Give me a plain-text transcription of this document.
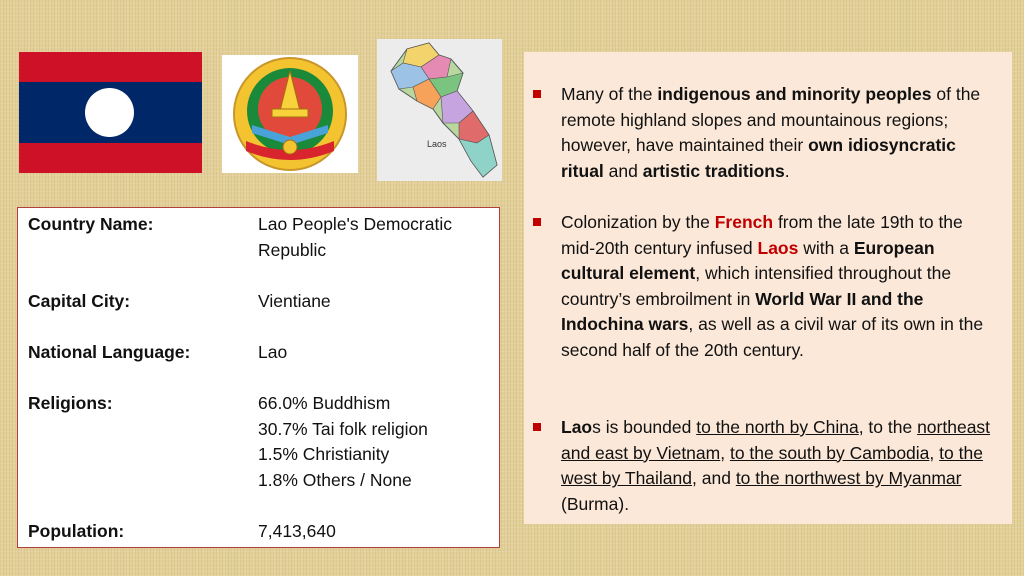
Laos
Country Name:	Lao People's Democratic
Republic
Capital City:	Vientiane
National Language:	Lao
Religions:	66.0% Buddhism
30.7% Tai folk religion
1.5% Christianity
1.8% Others / None
Population:	7,413,640
Many of the indigenous and minority peoples of the remote highland slopes and mountainous regions; however, have maintained their own idiosyncratic ritual and artistic traditions.
Colonization by the French from the late 19th to the mid-20th century infused Laos with a European cultural element, which intensified throughout the country’s embroilment in World War II and the Indochina wars, as well as a civil war of its own in the second half of the 20th century.
Laos is bounded to the north by China, to the northeast and east by Vietnam, to the south by Cambodia, to the west by Thailand, and to the northwest by Myanmar (Burma).
